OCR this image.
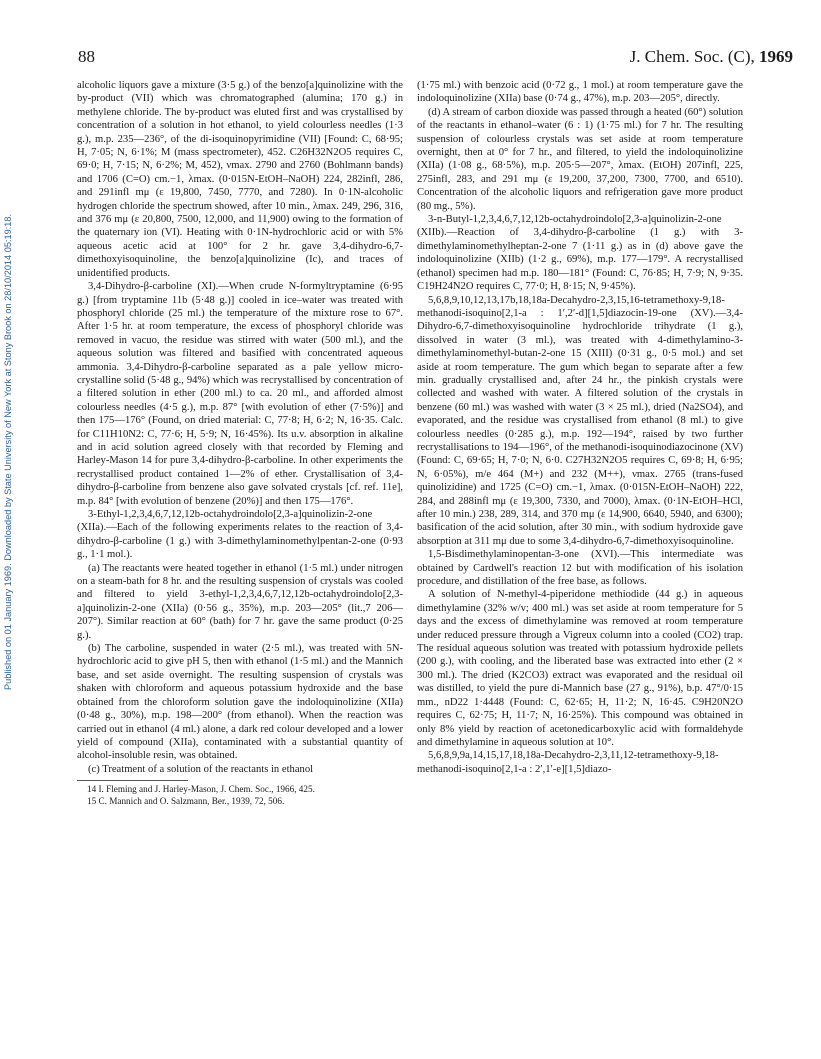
Published on 01 January 1969. Downloaded by State University of New York at Stony Brook on 28/10/2014 05:19:18.
88	J. Chem. Soc. (C), 1969

alcoholic liquors gave a mixture (3·5 g.) of the benzo[a]quinolizine with the by-product (VII) which was chromatographed (alumina; 170 g.) in methylene chloride. The by-product was eluted first and was crystallised by concentration of a solution in hot ethanol, to yield colourless needles (1·3 g.), m.p. 235—236°, of the di-isoquinopyrimidine (VII) [Found: C, 68·95; H, 7·05; N, 6·1%; M (mass spectrometer), 452. C26H32N2O5 requires C, 69·0; H, 7·15; N, 6·2%; M, 452), νmax. 2790 and 2760 (Bohlmann bands) and 1706 (C=O) cm.−1, λmax. (0·015N-EtOH–NaOH) 224, 282infl, 286, and 291infl mμ (ε 19,800, 7450, 7770, and 7280). In 0·1N-alcoholic hydrogen chloride the spectrum showed, after 10 min., λmax. 249, 296, 316, and 376 mμ (ε 20,800, 7500, 12,000, and 11,900) owing to the formation of the quaternary ion (VI). Heating with 0·1N-hydrochloric acid or with 5% aqueous acetic acid at 100° for 2 hr. gave 3,4-dihydro-6,7-dimethoxyisoquinoline, the benzo[a]quinolizine (Ic), and traces of unidentified products.

3,4-Dihydro-β-carboline (XI).—When crude N-formyltryptamine (6·95 g.) [from tryptamine 11b (5·48 g.)] cooled in ice–water was treated with phosphoryl chloride (25 ml.) the temperature of the mixture rose to 67°. After 1·5 hr. at room temperature, the excess of phosphoryl chloride was removed in vacuo, the residue was stirred with water (500 ml.), and the aqueous solution was filtered and basified with concentrated aqueous ammonia. 3,4-Dihydro-β-carboline separated as a pale yellow micro-crystalline solid (5·48 g., 94%) which was recrystallised by concentration of a filtered solution in ether (200 ml.) to ca. 20 ml., and afforded almost colourless needles (4·5 g.), m.p. 87° [with evolution of ether (7·5%)] and then 175—176° (Found, on dried material: C, 77·8; H, 6·2; N, 16·35. Calc. for C11H10N2: C, 77·6; H, 5·9; N, 16·45%). Its u.v. absorption in alkaline and in acid solution agreed closely with that recorded by Fleming and Harley-Mason 14 for pure 3,4-dihydro-β-carboline. In other experiments the recrystallised product contained 1—2% of ether. Crystallisation of 3,4-dihydro-β-carboline from benzene also gave solvated crystals [cf. ref. 11e], m.p. 84° [with evolution of benzene (20%)] and then 175—176°.

3-Ethyl-1,2,3,4,6,7,12,12b-octahydroindolo[2,3-a]quinolizin-2-one (XIIa).—Each of the following experiments relates to the reaction of 3,4-dihydro-β-carboline (1 g.) with 3-dimethylaminomethylpentan-2-one (0·93 g., 1·1 mol.).

(a) The reactants were heated together in ethanol (1·5 ml.) under nitrogen on a steam-bath for 8 hr. and the resulting suspension of crystals was cooled and filtered to yield 3-ethyl-1,2,3,4,6,7,12,12b-octahydroindolo[2,3-a]quinolizin-2-one (XIIa) (0·56 g., 35%), m.p. 203—205° (lit.,7 206—207°). Similar reaction at 60° (bath) for 7 hr. gave the same product (0·25 g.).

(b) The carboline, suspended in water (2·5 ml.), was treated with 5N-hydrochloric acid to give pH 5, then with ethanol (1·5 ml.) and the Mannich base, and set aside overnight. The resulting suspension of crystals was shaken with chloroform and aqueous potassium hydroxide and the base obtained from the chloroform solution gave the indoloquinolizine (XIIa) (0·48 g., 30%), m.p. 198—200° (from ethanol). When the reaction was carried out in ethanol (4 ml.) alone, a dark red colour developed and a lower yield of compound (XIIa), contaminated with a substantial quantity of alcohol-insoluble resin, was obtained.

(c) Treatment of a solution of the reactants in ethanol

14 I. Fleming and J. Harley-Mason, J. Chem. Soc., 1966, 425.

15 C. Mannich and O. Salzmann, Ber., 1939, 72, 506.

(1·75 ml.) with benzoic acid (0·72 g., 1 mol.) at room temperature gave the indoloquinolizine (XIIa) base (0·74 g., 47%), m.p. 203—205°, directly.

(d) A stream of carbon dioxide was passed through a heated (60°) solution of the reactants in ethanol–water (6 : 1) (1·75 ml.) for 7 hr. The resulting suspension of colourless crystals was set aside at room temperature overnight, then at 0° for 7 hr., and filtered, to yield the indoloquinolizine (XIIa) (1·08 g., 68·5%), m.p. 205·5—207°, λmax. (EtOH) 207infl, 225, 275infl, 283, and 291 mμ (ε 19,200, 37,200, 7300, 7700, and 6510). Concentration of the alcoholic liquors and refrigeration gave more product (80 mg., 5%).

3-n-Butyl-1,2,3,4,6,7,12,12b-octahydroindolo[2,3-a]quinolizin-2-one (XIIb).—Reaction of 3,4-dihydro-β-carboline (1 g.) with 3-dimethylaminomethylheptan-2-one 7 (1·11 g.) as in (d) above gave the indoloquinolizine (XIIb) (1·2 g., 69%), m.p. 177—179°. A recrystallised (ethanol) specimen had m.p. 180—181° (Found: C, 76·85; H, 7·9; N, 9·35. C19H24N2O requires C, 77·0; H, 8·15; N, 9·45%).

5,6,8,9,10,12,13,17b,18,18a-Decahydro-2,3,15,16-tetramethoxy-9,18-methanodi-isoquino[2,1-a : 1′,2′-d][1,5]diazocin-19-one (XV).—3,4-Dihydro-6,7-dimethoxyisoquinoline hydrochloride trihydrate (1 g.), dissolved in water (3 ml.), was treated with 4-dimethylamino-3-dimethylaminomethyl-butan-2-one 15 (XIII) (0·31 g., 0·5 mol.) and set aside at room temperature. The gum which began to separate after a few min. gradually crystallised and, after 24 hr., the pinkish crystals were collected and washed with water. A filtered solution of the crystals in benzene (60 ml.) was washed with water (3 × 25 ml.), dried (Na2SO4), and evaporated, and the residue was crystallised from ethanol (8 ml.) to give colourless needles (0·285 g.), m.p. 192—194°, raised by two further recrystallisations to 194—196°, of the methanodi-isoquinodiazocinone (XV) (Found: C, 69·65; H, 7·0; N, 6·0. C27H32N2O5 requires C, 69·8; H, 6·95; N, 6·05%), m/e 464 (M+) and 232 (M++), νmax. 2765 (trans-fused quinolizidine) and 1725 (C=O) cm.−1, λmax. (0·015N-EtOH–NaOH) 222, 284, and 288infl mμ (ε 19,300, 7330, and 7000), λmax. (0·1N-EtOH–HCl, after 10 min.) 238, 289, 314, and 370 mμ (ε 14,900, 6640, 5940, and 6300); basification of the acid solution, after 30 min., with sodium hydroxide gave absorption at 311 mμ due to some 3,4-dihydro-6,7-dimethoxyisoquinoline.

1,5-Bisdimethylaminopentan-3-one (XVI).—This intermediate was obtained by Cardwell's reaction 12 but with modification of his isolation procedure, and distillation of the free base, as follows.

A solution of N-methyl-4-piperidone methiodide (44 g.) in aqueous dimethylamine (32% w/v; 400 ml.) was set aside at room temperature for 5 days and the excess of dimethylamine was removed at room temperature under reduced pressure through a Vigreux column into a cooled (CO2) trap. The residual aqueous solution was treated with potassium hydroxide pellets (200 g.), with cooling, and the liberated base was extracted into ether (2 × 300 ml.). The dried (K2CO3) extract was evaporated and the residual oil was distilled, to yield the pure di-Mannich base (27 g., 91%), b.p. 47°/0·15 mm., nD22 1·4448 (Found: C, 62·65; H, 11·2; N, 16·45. C9H20N2O requires C, 62·75; H, 11·7; N, 16·25%). This compound was obtained in only 8% yield by reaction of acetonedicarboxylic acid with formaldehyde and dimethylamine in aqueous solution at 10°.

5,6,8,9,9a,14,15,17,18,18a-Decahydro-2,3,11,12-tetramethoxy-9,18-methanodi-isoquino[2,1-a : 2′,1′-e][1,5]diazo-
